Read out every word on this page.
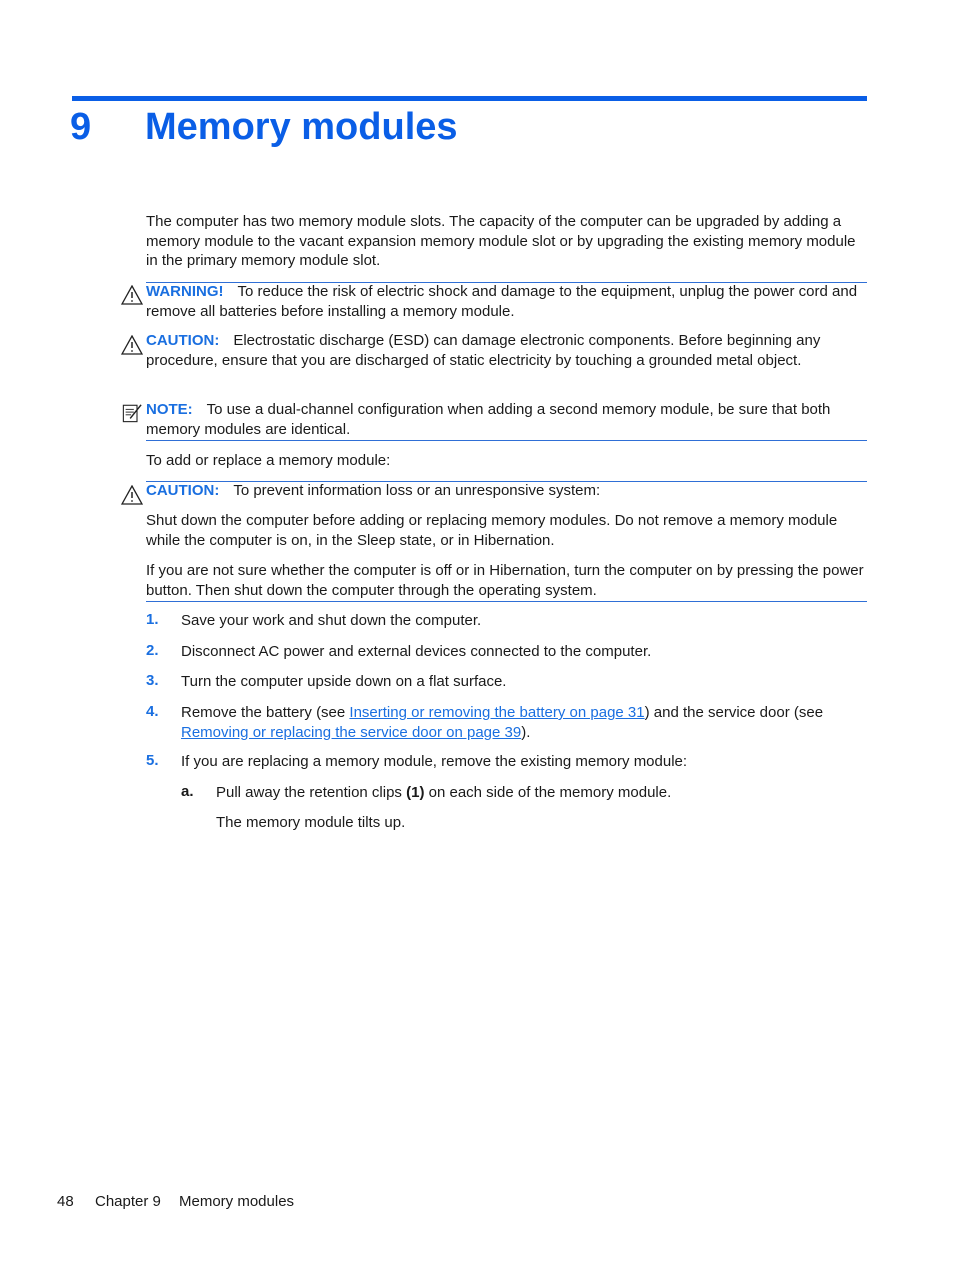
9 Memory modules
The computer has two memory module slots. The capacity of the computer can be upgraded by adding a memory module to the vacant expansion memory module slot or by upgrading the existing memory module in the primary memory module slot.
WARNING! To reduce the risk of electric shock and damage to the equipment, unplug the power cord and remove all batteries before installing a memory module.
CAUTION: Electrostatic discharge (ESD) can damage electronic components. Before beginning any procedure, ensure that you are discharged of static electricity by touching a grounded metal object.
NOTE: To use a dual-channel configuration when adding a second memory module, be sure that both memory modules are identical.
To add or replace a memory module:
CAUTION: To prevent information loss or an unresponsive system:
Shut down the computer before adding or replacing memory modules. Do not remove a memory module while the computer is on, in the Sleep state, or in Hibernation.
If you are not sure whether the computer is off or in Hibernation, turn the computer on by pressing the power button. Then shut down the computer through the operating system.
1. Save your work and shut down the computer.
2. Disconnect AC power and external devices connected to the computer.
3. Turn the computer upside down on a flat surface.
4. Remove the battery (see Inserting or removing the battery on page 31) and the service door (see Removing or replacing the service door on page 39).
5. If you are replacing a memory module, remove the existing memory module:
a. Pull away the retention clips (1) on each side of the memory module.
The memory module tilts up.
48 Chapter 9 Memory modules
